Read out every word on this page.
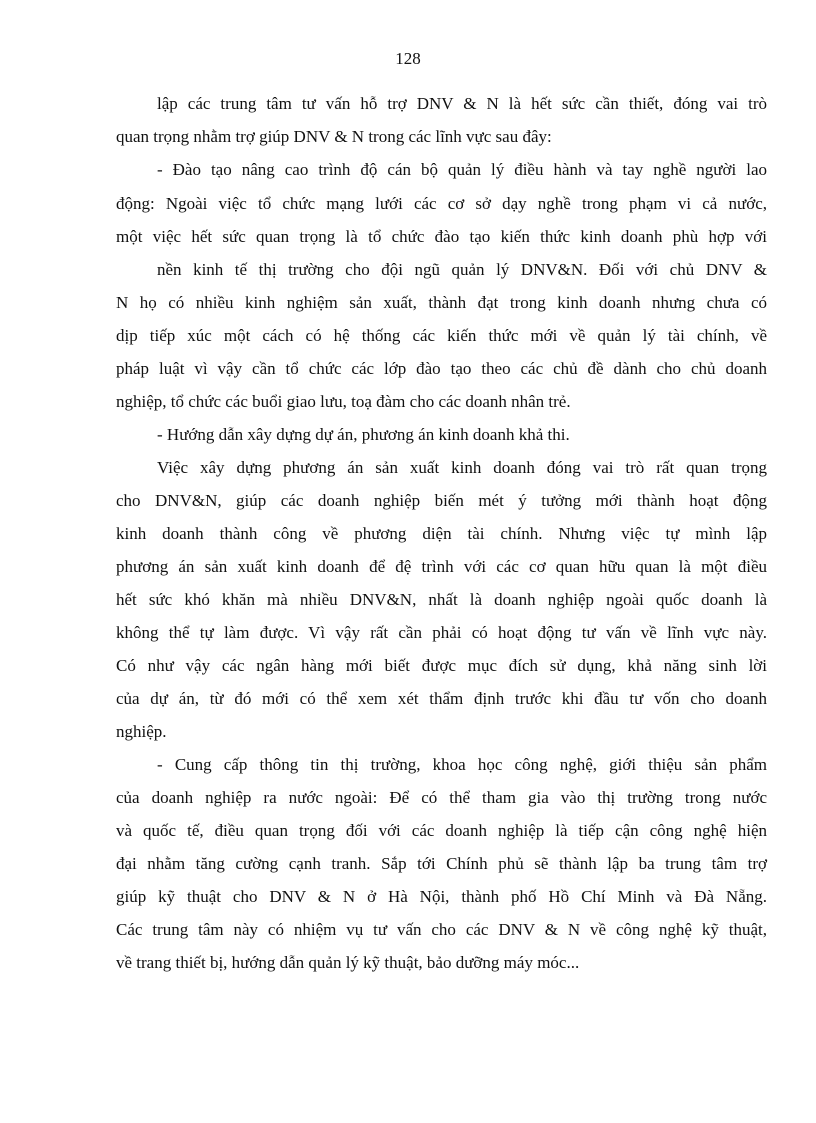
128
lập các trung tâm tư vấn hỗ trợ DNV & N là hết sức cần thiết, đóng vai trò
quan trọng nhằm trợ giúp DNV & N trong các lĩnh vực sau đây:
- Đào tạo nâng cao trình độ cán bộ quản lý điều hành và tay nghề người lao
động: Ngoài việc tổ chức mạng lưới các cơ sở dạy nghề trong phạm vi cả nước,
một việc hết sức quan trọng là tổ chức đào tạo kiến thức kinh doanh phù hợp với
nền kinh tế thị trường cho đội ngũ quản lý DNV&N. Đối với chủ DNV &
N họ có nhiều kinh nghiệm sản xuất, thành đạt trong kinh doanh nhưng chưa có
dịp tiếp xúc một cách có hệ thống các kiến thức mới về quản lý tài chính, về
pháp luật vì vậy cần tổ chức các lớp đào tạo theo các chủ đề dành cho chủ doanh
nghiệp, tổ chức các buổi giao lưu, toạ đàm cho các doanh nhân trẻ.
- Hướng dẫn xây dựng dự án, phương án kinh doanh khả thi.
Việc xây dựng phương án sản xuất kinh doanh đóng vai trò rất quan trọng
cho DNV&N, giúp các doanh nghiệp biến mét ý tưởng mới thành hoạt động
kinh doanh thành công về phương diện tài chính. Nhưng việc tự mình lập
phương án sản xuất kinh doanh để đệ trình với các cơ quan hữu quan là một điều
hết sức khó khăn mà nhiều DNV&N, nhất là doanh nghiệp ngoài quốc doanh là
không thể tự làm được. Vì vậy rất cần phải có hoạt động tư vấn về lĩnh vực này.
Có như vậy các ngân hàng mới biết được mục đích sử dụng, khả năng sinh lời
của dự án, từ đó mới có thể xem xét thẩm định trước khi đầu tư vốn cho doanh
nghiệp.
- Cung cấp thông tin thị trường, khoa học công nghệ, giới thiệu sản phẩm
của doanh nghiệp ra nước ngoài: Để có thể tham gia vào thị trường trong nước
và quốc tế, điều quan trọng đối với các doanh nghiệp là tiếp cận công nghệ hiện
đại nhằm tăng cường cạnh tranh. Sắp tới Chính phủ sẽ thành lập ba trung tâm trợ
giúp kỹ thuật cho DNV & N ở Hà Nội, thành phố Hồ Chí Minh và Đà Nẵng.
Các trung tâm này có nhiệm vụ tư vấn cho các DNV & N về công nghệ kỹ thuật,
về trang thiết bị, hướng dẫn quản lý kỹ thuật, bảo dưỡng máy móc...
